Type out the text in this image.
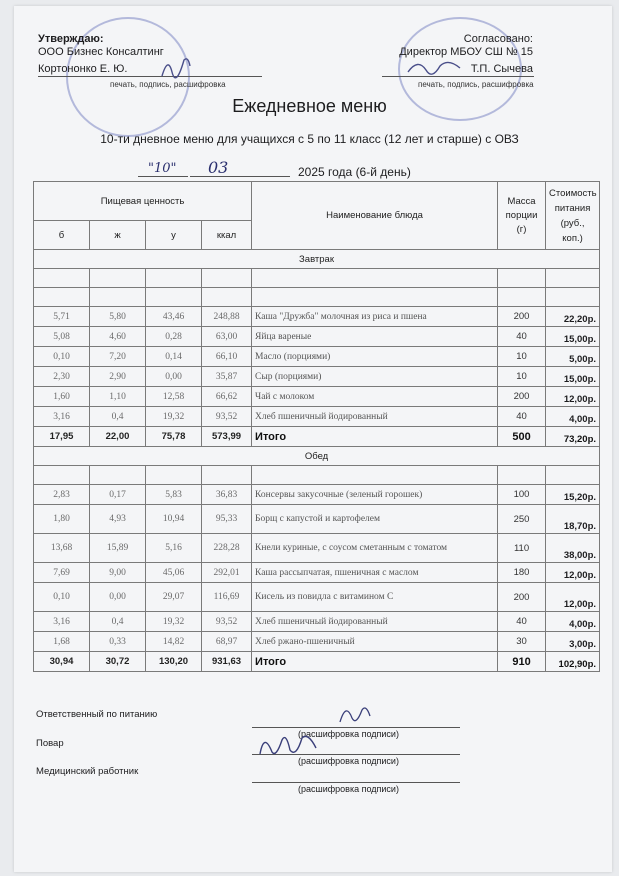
Утверждаю:
ООО Бизнес Консалтинг
Кортононко Е. Ю.
печать, подпись, расшифровка
Согласовано:
Директор МБОУ СШ № 15
Т.П. Сычева
печать, подпись, расшифровка
Ежедневное меню
10-ти дневное меню для учащихся с 5 по 11 класс (12 лет и старше) с ОВЗ
"10" 03	2025 года (6-й день)
Пищевая ценность				Наименование блюда	Масса порции (г)	Стоимость питания (руб., коп.)
б	ж	у	ккал			
Завтрак						

5,71	5,80	43,46	248,88	Каша "Дружба" молочная из риса и пшена	200	22,20р.
5,08	4,60	0,28	63,00	Яйца вареные	40	15,00р.
0,10	7,20	0,14	66,10	Масло (порциями)	10	5,00р.
2,30	2,90	0,00	35,87	Сыр (порциями)	10	15,00р.
1,60	1,10	12,58	66,62	Чай с молоком	200	12,00р.
3,16	0,4	19,32	93,52	Хлеб пшеничный йодированный	40	4,00р.
17,95	22,00	75,78	573,99	Итого	500	73,20р.
Обед						

2,83	0,17	5,83	36,83	Консервы закусочные (зеленый горошек)	100	15,20р.
1,80	4,93	10,94	95,33	Борщ с капустой и картофелем	250	18,70р.
13,68	15,89	5,16	228,28	Кнели куриные, с соусом сметанным с томатом	110	38,00р.
7,69	9,00	45,06	292,01	Каша рассыпчатая, пшеничная с маслом	180	12,00р.
0,10	0,00	29,07	116,69	Кисель из повидла с витамином С	200	12,00р.
3,16	0,4	19,32	93,52	Хлеб пшеничный йодированный	40	4,00р.
1,68	0,33	14,82	68,97	Хлеб ржано-пшеничный	30	3,00р.
30,94	30,72	130,20	931,63	Итого	910	102,90р.
Ответственный по питанию
(расшифровка подписи)
Повар
(расшифровка подписи)
Медицинский работник
(расшифровка подписи)
